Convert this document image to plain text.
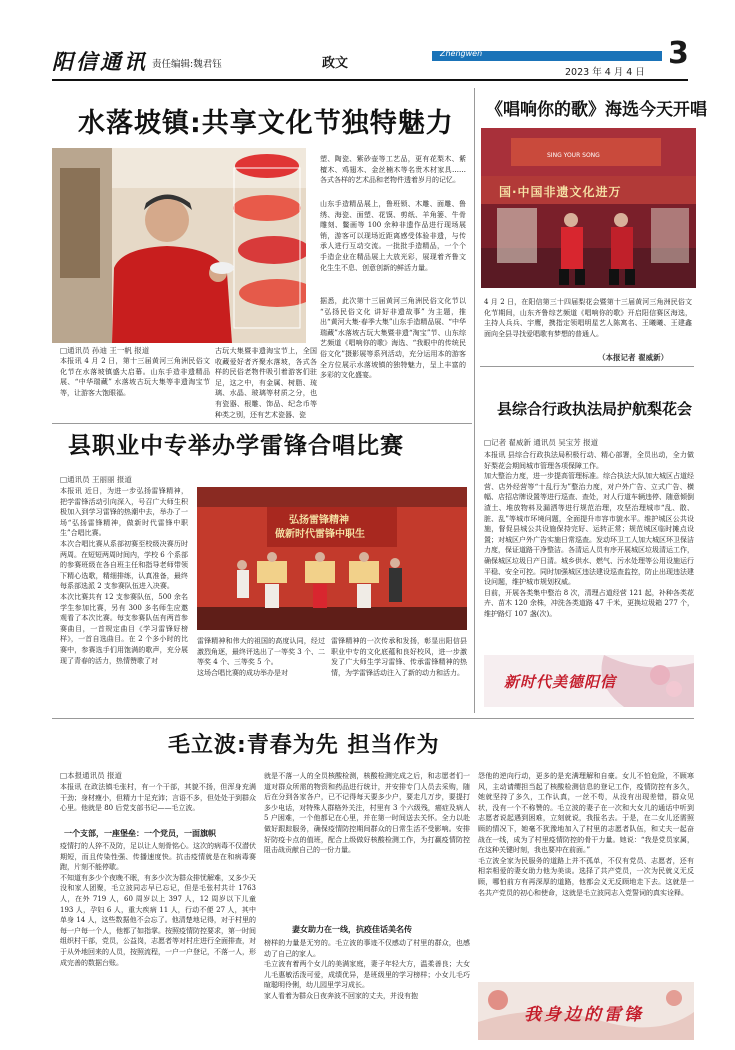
阳信通讯 责任编辑:魏君钰	政文
Zhengwen
2023 年 4 月 4 日
3
水落坡镇:共享文化节独特魅力
□通讯员 孙迪 王一帆 报道
本报讯 4 月 2 日，第十三届黄河三角洲民俗文化节在水落坡镇盛大启幕。山东手造非遗精品展、“中华瑞藏” 水落坡古玩大集等非遗淘宝节等，让游客大饱眼福。
古玩大集暨非遗淘宝节上，全国收藏爱好者齐聚水落坡，各式各样的民俗老物件吸引着游客们驻足，这之中，有金属、树脂、琉璃、水晶、玻璃等材质之分，也有瓷器、根雕、饰品、纪念币等种类之别，还有艺术瓷器、瓷
塑、陶瓷、紫砂壶等工艺品，更有花梨木、紫檀木、鸡翅木、金丝楠木等名贵木材家具……各式各样的艺术品和老物件透着岁月的记忆。
山东手造精品展上，鲁班锁、木雕、面雕、鲁绣、海瓷、面塑、花馍、剪纸、羊角篓、牛骨雕刻、鳖画等 100 余种非遗作品进行现场展销，游客可以现场近距离感受体验非遗，与传承人进行互动交流。一批批手造精品，一个个手造企业在精品展上大放光彩，展现着齐鲁文化生生不息、创意创新的鲜活力量。
据悉，此次第十三届黄河三角洲民俗文化节以 “弘扬民俗文化 讲好非遗故事” 为主题，推出“黄河大集·春季大集”山东手造精品展、“中华瑞藏”水落坡古玩大集暨非遗“淘宝”节、山东综艺频道《唱响你的歌》海选、“我眼中的传统民俗文化”摄影展等系列活动，充分运用本的游客全方位展示水落坡镇的独特魅力，呈上丰富的多彩的文化盛宴。
《唱响你的歌》海选今天开唱
SING YOUR SONG
国·中国非遗文化进万
4 月 2 日，在阳信第三十四届梨花会暨第十三届黄河三角洲民俗文化节期间，山东齐鲁综艺频道《唱响你的歌》开启阳信赛区海选，主持人兵兵、宇鹰，携指定领唱明星艺人陈寓名、王曦曦、王建鑫面向全县寻找爱唱歌有梦想的普通人。
（本报记者 翟威新）
县职业中专举办学雷锋合唱比赛
□通讯员 王丽丽 报道
本报讯 近日，为进一步弘扬雷锋精神，把学雷锋活动引向深入，号召广大师生积极加入到学习雷锋的热潮中去，举办了一场“弘扬雷锋精神，做新时代雷锋中职生”合唱比赛。
本次合唱比赛从系部初赛至校级决赛历时两周。在短短两周时间内，学校 6 个系部的参赛班级在各自班主任和指导老师带领下精心选歌，精细排练，认真准备，最终每系部选派 2 支参赛队伍进入决赛。
本次比赛共有 12 支参赛队伍，500 余名学生参加比赛，另有 300 多名师生应邀观看了本次比赛。每支参赛队伍有两首参赛曲目，一首规定曲目《学习雷锋好榜样》，一首自选曲目。在 2 个多小时的比赛中，参赛选手们用饱满的歌声，充分展现了青春的活力，热情赞歌了对
弘扬雷锋精神
做新时代雷锋中职生
雷锋精神和伟大的祖国的高度认同，经过激烈角逐，最终评选出了一等奖 3 个、二等奖 4 个、三等奖 5 个。
这场合唱比赛的成功举办是对
雷锋精神的一次传承和发扬，彰显出阳信县职业中专的文化底蕴和良好校风，进一步激发了广大师生学习雷锋、传承雷锋精神的热情，为学雷锋活动注入了新的动力和活力。
县综合行政执法局护航梨花会
□记者 翟威新 通讯员 吴宝芳 报道
本报讯 县综合行政执法局积极行动、精心部署，全员出动，全力做好梨花会期间城市管理各项保障工作。
加大整治力度，进一步提高管理标准。综合执法大队加大城区占道经营、店外经营等“十乱行为”整治力度，对户外广告、立式广告、横幅、店招店牌设置等进行巡查、查处，对人行道车辆违停、随意倾倒渣土、堆放物料及漏洒等进行规范治理，攻坚治理城市“乱、散、脏、乱”等城市环境问题，全面提升市容市貌水平。维护城区公共设施，督促县城公共设施保持完好、运转正常；规范城区临时摊点设置；对城区户外广告实施日常巡查。发动环卫工人加大城区环卫保洁力度，保证道路干净整洁。各清运人员有序开展城区垃圾清运工作，确保城区垃圾日产日清。城乡供水、燃气、污水处理等公用设施运行平稳、安全可控。同时加强城区违法建设巡查监控，防止出现违法建设问题，维护城市规划权威。
目前，开展各类集中整治 8 次，清理占道经营 121 起，补种各类花卉、苗木 120 余株，冲洗各类道路 47 千米，更换垃圾箱 277 个，维护路灯 107 盏(次)。
新时代美德阳信
毛立波:青春为先 担当作为
□本报通讯员 报道
本报讯 在政法镇毛张村，有一个干部，其貌不扬，但浑身充满干劲；身材瘦小，但精力十足充沛；言语不多，但处处于到群众心里。他就是 80 后党支部书记——毛立波。
一个支部，一座堡垒：一个党员，一面旗帜
疫情打的人猝不及防，足以让人刻骨铭心。这次的病毒不仅潜伏期短，而且传染性强、传播速度快。抗击疫情就是在和病毒赛跑，片刻不能停歇。
不知道有多少个夜晚不眠，有多少次为群众排忧解难，又多少天没和家人团聚，毛立波同志早已忘记，但是毛张村共计 1763 人，在外 719 人，60 周岁以上 397 人，12 周岁以下儿童 193 人，孕妇 6 人，重大疾病 11 人，行动不便 27 人，其中单身 14 人，这些数据他不会忘了。他清楚地记得，对于村里的每一户每一个人，他都了如指掌。按照疫情防控要求，第一时间组织村干部，党员，公益岗，志愿者等对村庄进行全面排查，对于从外地回来的人员，按照流程，一户一户登记，不落一人，形成完善的数据台账。
就是不落一人的全员核酸检测，核酸检测完成之后，和志愿者们一道对群众所需的物资和药品进行统计，并安排专门人员去采购，随后在分到各家各户，已不记得每天要多少户，要走几万步，要提打多少电话，对特殊人群格外关注，村里有 3 个六级残，癌症及病人 5 户困难，一个他都记在心里，并在第一时间送去关怀。全力以赴做好跟踪服务，确保疫情防控期间群众的日常生活不受影响。安排好防疫卡点的值班，配合上级做好核酸检测工作，为打赢疫情防控阻击战贡献自己的一份力量。
妻女助力在一线，抗疫佳话美名传
榜样的力量是无穷的。毛立波的事迹不仅感动了村里的群众，也感动了自己的家人。
毛立波有着两个女儿的美满家庭，妻子年轻大方，温柔善良；大女儿毛惠敏活泼可爱，成绩优异，是班级里的学习榜样；小女儿毛巧暄聪明伶俐，幼儿园里学习成长。
家人看着为群众日夜奔波不回家的丈夫，并没有抱
怨他的逆向行动，更多的是充满理解和自豪。女儿不怕危险，不顾寒风，主动请缨担当起了核酸检测信息的登记工作，疫情防控有多久，她就坚持了多久，工作认真，一丝不苟，从没有出现差错，群众见状，没有一个不称赞的。毛立波的妻子在一次和大女儿的通话中听到志愿者说起遇到困难，立刻就说，我报名去。于是，在二女儿还需照顾的情况下，她毫不犹豫地加入了村里的志愿者队伍，和丈夫一起奋战在一线，成为了村里疫情防控的骨干力量。她说：“我是党员家属，在这种关键时刻，我也要冲在前面。”
毛立波全家为民服务的道路上并不孤单，不仅有党员、志愿者，还有相亲相爱的妻女助力他为美谈。选择了共产党员，一次为民就义无反顾，哪怕前方有再深厚的道路，他都会义无反顾地走下去。这就是一名共产党员的初心和使命，这就是毛立波同志入党誓词的真实诠释。
我身边的雷锋
